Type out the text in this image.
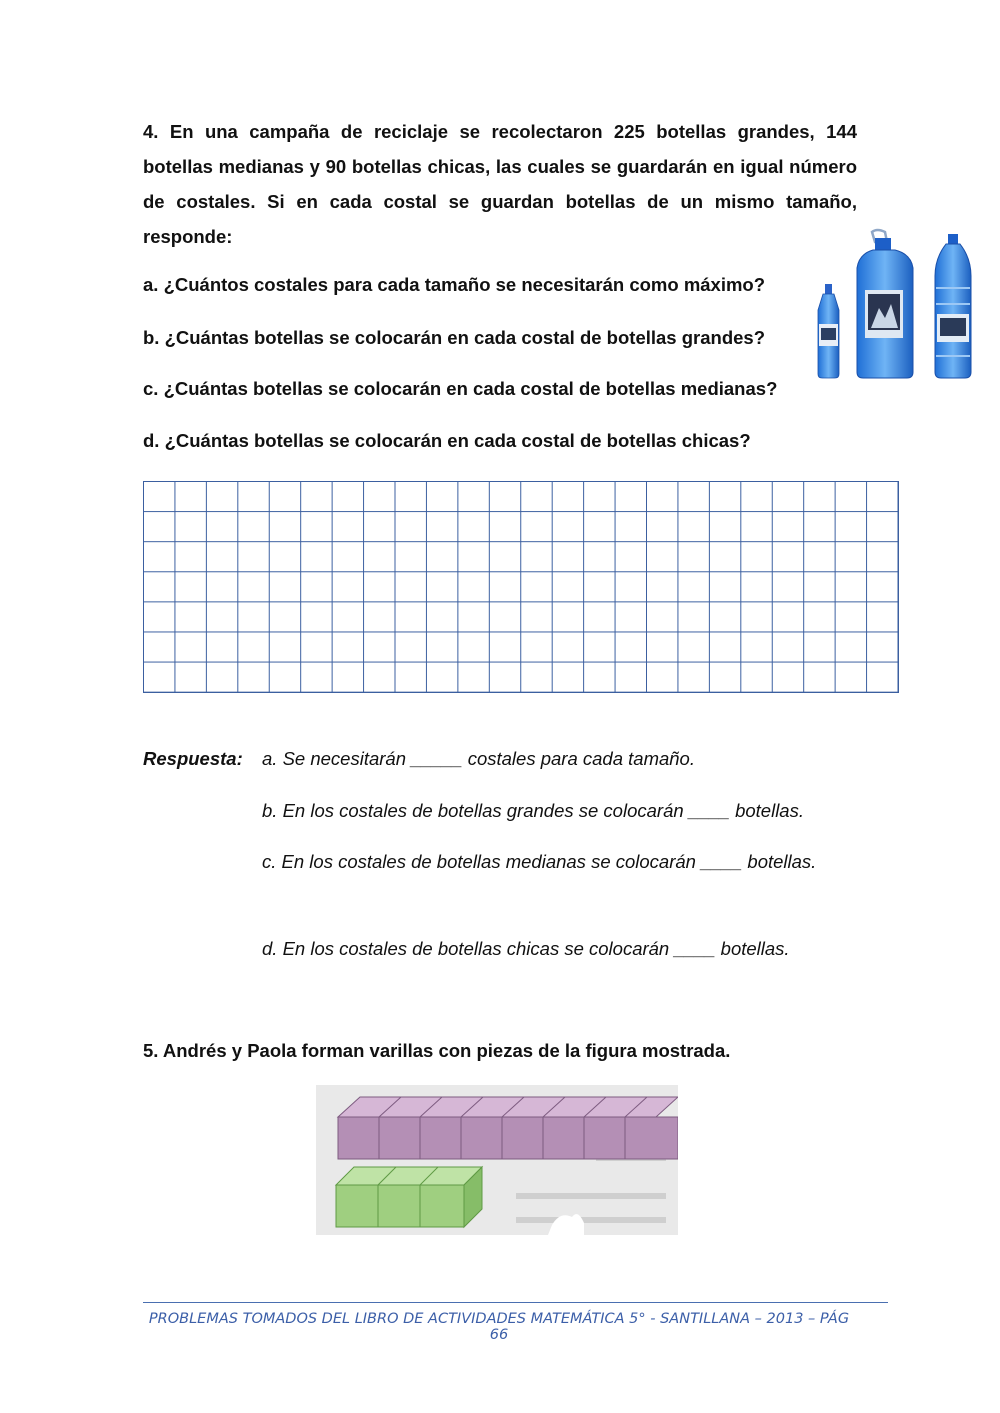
4. En una campaña de reciclaje se recolectaron 225 botellas grandes, 144 botellas medianas y 90 botellas chicas, las cuales se guardarán en igual número de costales. Si en cada costal se guardan botellas de un mismo tamaño, responde:

a. ¿Cuántos costales para cada tamaño se necesitarán como máximo?

b. ¿Cuántas botellas se colocarán en cada costal de botellas grandes?

c. ¿Cuántas botellas se colocarán en cada costal de botellas medianas?

d. ¿Cuántas botellas se colocarán en cada costal de botellas chicas?

Respuesta: a. Se necesitarán _____ costales para cada tamaño.

b. En los costales de botellas grandes se colocarán ____ botellas.

c. En los costales de botellas medianas se colocarán ____ botellas.

d. En los costales de botellas chicas se colocarán ____ botellas.

5. Andrés y Paola forman varillas con piezas de la figura mostrada.

PROBLEMAS TOMADOS DEL LIBRO DE ACTIVIDADES MATEMÁTICA 5° - SANTILLANA – 2013 – PÁG 66
